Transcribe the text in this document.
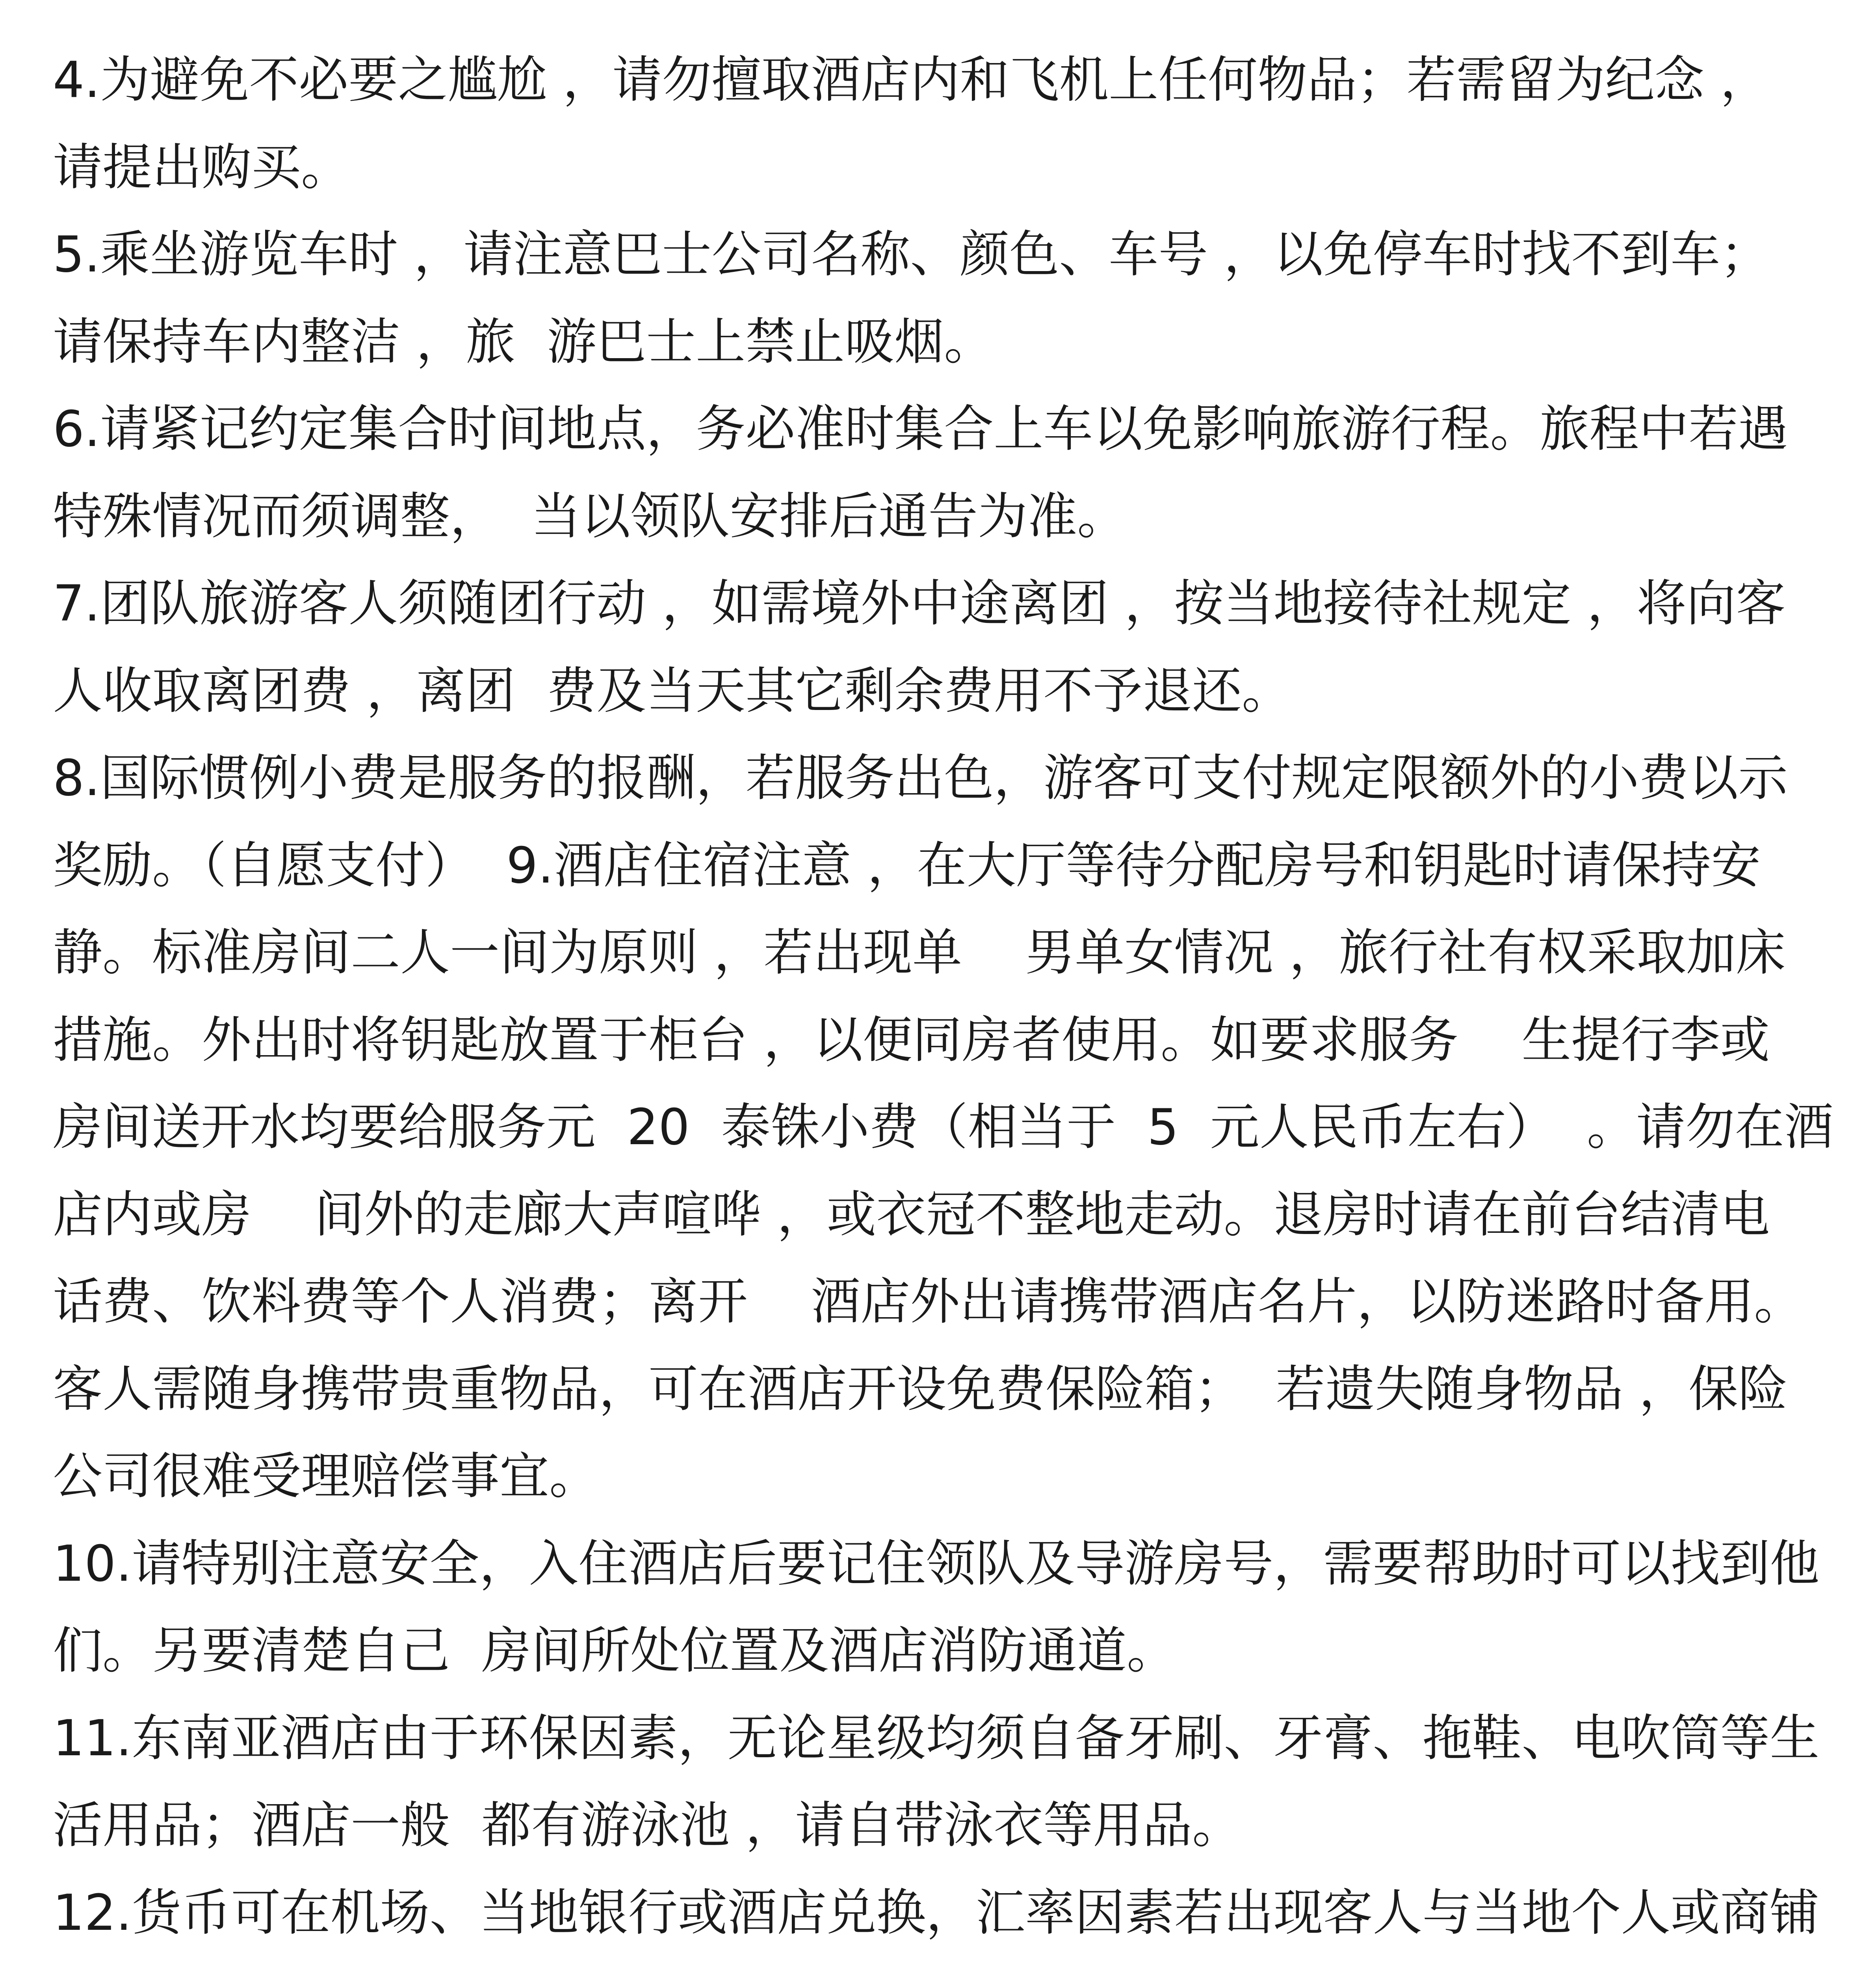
4.为避免不必要之尴尬 ，请勿擅取酒店内和飞机上任何物品；若需留为纪念 ，
请提出购买。
5.乘坐游览车时 ，请注意巴士公司名称、颜色、车号 ，以免停车时找不到车；
请保持车内整洁 ，旅  游巴士上禁止吸烟。
6.请紧记约定集合时间地点，务必准时集合上车以免影响旅游行程。旅程中若遇
特殊情况而须调整，  当以领队安排后通告为准。
7.团队旅游客人须随团行动 ，如需境外中途离团 ，按当地接待社规定 ，将向客
人收取离团费 ，离团  费及当天其它剩余费用不予退还。
8.国际惯例小费是服务的报酬，若服务出色，游客可支付规定限额外的小费以示
奖励。（自愿支付）  9.酒店住宿注意 ，在大厅等待分配房号和钥匙时请保持安
静。标准房间二人一间为原则 ，若出现单    男单女情况 ，旅行社有权采取加床
措施。外出时将钥匙放置于柜台 ，以便同房者使用。如要求服务    生提行李或
房间送开水均要给服务元  20  泰铢小费（相当于  5  元人民币左右）  。请勿在酒
店内或房    间外的走廊大声喧哗 ，或衣冠不整地走动。退房时请在前台结清电
话费、饮料费等个人消费；离开    酒店外出请携带酒店名片，以防迷路时备用。
客人需随身携带贵重物品，可在酒店开设免费保险箱；  若遗失随身物品 ，保险
公司很难受理赔偿事宜。
10.请特别注意安全，入住酒店后要记住领队及导游房号，需要帮助时可以找到他
们。另要清楚自己  房间所处位置及酒店消防通道。
11.东南亚酒店由于环保因素，无论星级均须自备牙刷、牙膏、拖鞋、电吹筒等生
活用品；酒店一般  都有游泳池 ，请自带泳衣等用品。
12.货币可在机场、当地银行或酒店兑换，汇率因素若出现客人与当地个人或商铺
